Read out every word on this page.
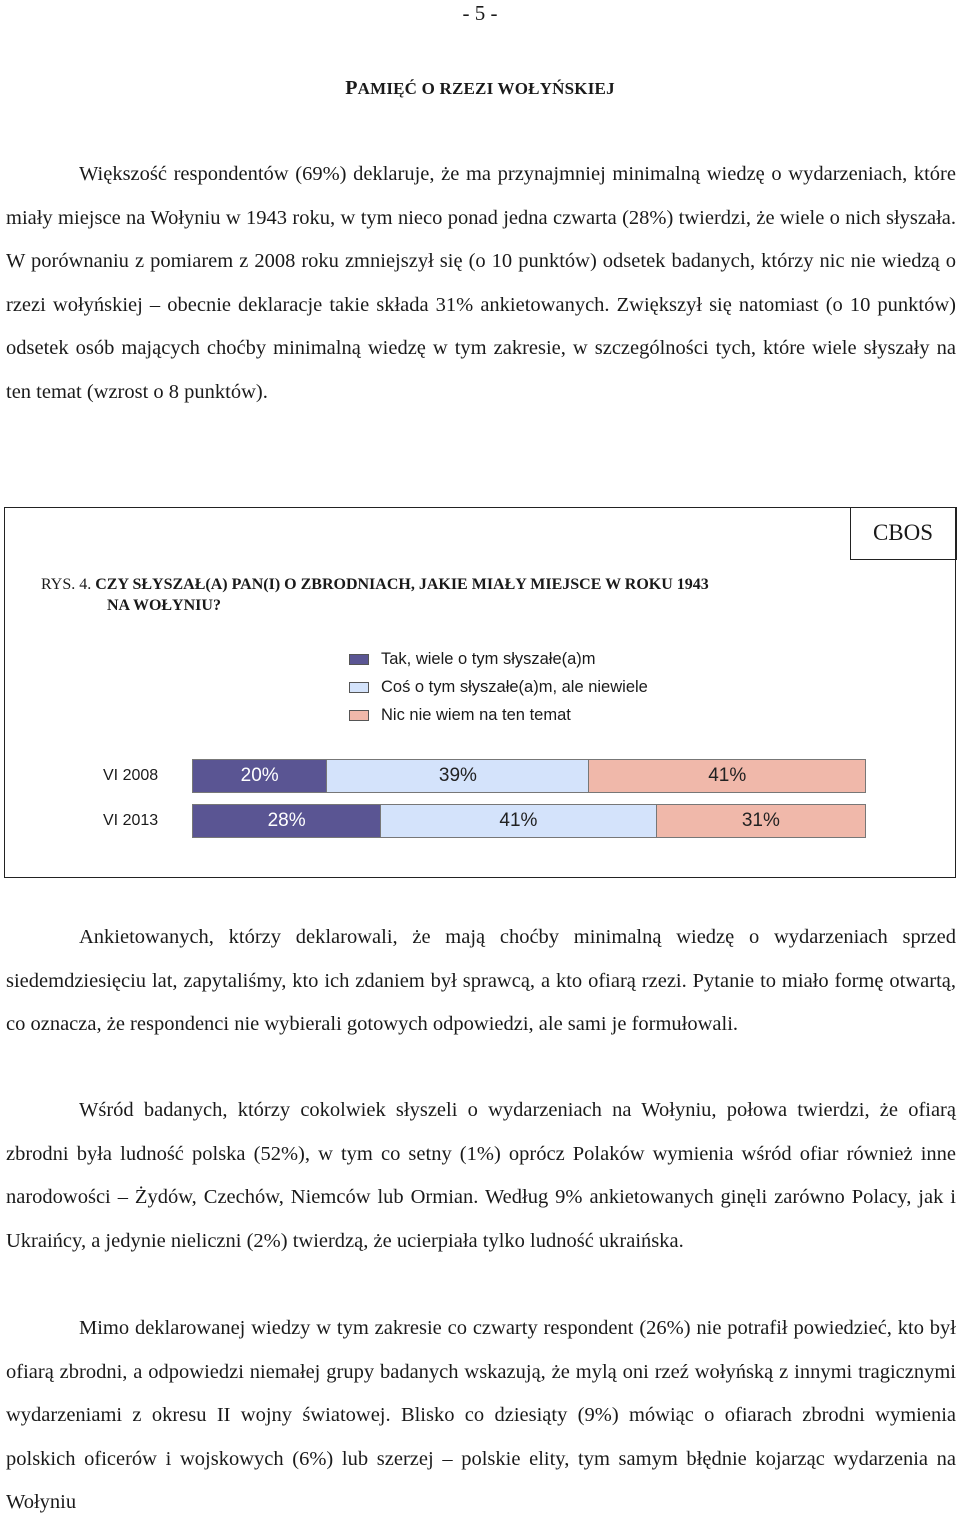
- 5 -
PAMIĘĆ O RZEZI WOŁYŃSKIEJ

Większość respondentów (69%) deklaruje, że ma przynajmniej minimalną wiedzę o wydarzeniach, które miały miejsce na Wołyniu w 1943 roku, w tym nieco ponad jedna czwarta (28%) twierdzi, że wiele o nich słyszała. W porównaniu z pomiarem z 2008 roku zmniejszył się (o 10 punktów) odsetek badanych, którzy nic nie wiedzą o rzezi wołyńskiej – obecnie deklaracje takie składa 31% ankietowanych. Zwiększył się natomiast (o 10 punktów) odsetek osób mających choćby minimalną wiedzę w tym zakresie, w szczególności tych, które wiele słyszały na ten temat (wzrost o 8 punktów).

CBOS
RYS. 4. CZY SŁYSZAŁ(A) PAN(I) O ZBRODNIACH, JAKIE MIAŁY MIEJSCE W ROKU 1943
NA WOŁYNIU?
Tak, wiele o tym słyszałe(a)m
Coś o tym słyszałe(a)m, ale niewiele
Nic nie wiem na ten temat
VI 2008	20%	39%	41%
VI 2013	28%	41%	31%

Ankietowanych, którzy deklarowali, że mają choćby minimalną wiedzę o wydarzeniach sprzed siedemdziesięciu lat, zapytaliśmy, kto ich zdaniem był sprawcą, a kto ofiarą rzezi. Pytanie to miało formę otwartą, co oznacza, że respondenci nie wybierali gotowych odpowiedzi, ale sami je formułowali.

Wśród badanych, którzy cokolwiek słyszeli o wydarzeniach na Wołyniu, połowa twierdzi, że ofiarą zbrodni była ludność polska (52%), w tym co setny (1%) oprócz Polaków wymienia wśród ofiar również inne narodowości – Żydów, Czechów, Niemców lub Ormian. Według 9% ankietowanych ginęli zarówno Polacy, jak i Ukraińcy, a jedynie nieliczni (2%) twierdzą, że ucierpiała tylko ludność ukraińska.

Mimo deklarowanej wiedzy w tym zakresie co czwarty respondent (26%) nie potrafił powiedzieć, kto był ofiarą zbrodni, a odpowiedzi niemałej grupy badanych wskazują, że mylą oni rzeź wołyńską z innymi tragicznymi wydarzeniami z okresu II wojny światowej. Blisko co dziesiąty (9%) mówiąc o ofiarach zbrodni wymienia polskich oficerów i wojskowych (6%) lub szerzej – polskie elity, tym samym błędnie kojarząc wydarzenia na Wołyniu
